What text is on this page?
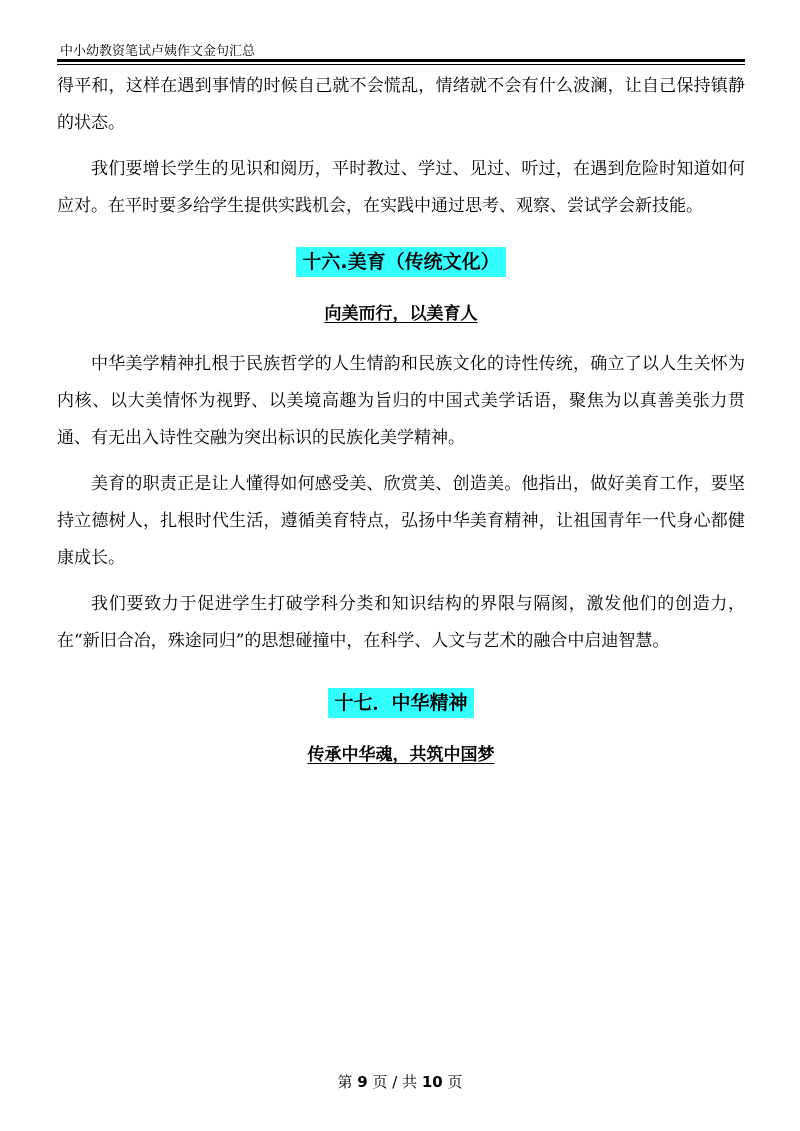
中小幼教资笔试卢姨作文金句汇总

得平和，这样在遇到事情的时候自己就不会慌乱，情绪就不会有什么波澜，让自己保持镇静的状态。

我们要增长学生的见识和阅历，平时教过、学过、见过、听过，在遇到危险时知道如何应对。在平时要多给学生提供实践机会，在实践中通过思考、观察、尝试学会新技能。

十六.美育（传统文化）
向美而行，以美育人

中华美学精神扎根于民族哲学的人生情韵和民族文化的诗性传统，确立了以人生关怀为内核、以大美情怀为视野、以美境高趣为旨归的中国式美学话语，聚焦为以真善美张力贯通、有无出入诗性交融为突出标识的民族化美学精神。

美育的职责正是让人懂得如何感受美、欣赏美、创造美。他指出，做好美育工作，要坚持立德树人，扎根时代生活，遵循美育特点，弘扬中华美育精神，让祖国青年一代身心都健康成长。

我们要致力于促进学生打破学科分类和知识结构的界限与隔阂，激发他们的创造力，在“新旧合冶，殊途同归”的思想碰撞中，在科学、人文与艺术的融合中启迪智慧。

十七．中华精神
传承中华魂，共筑中国梦
第 9 页 / 共 10 页
